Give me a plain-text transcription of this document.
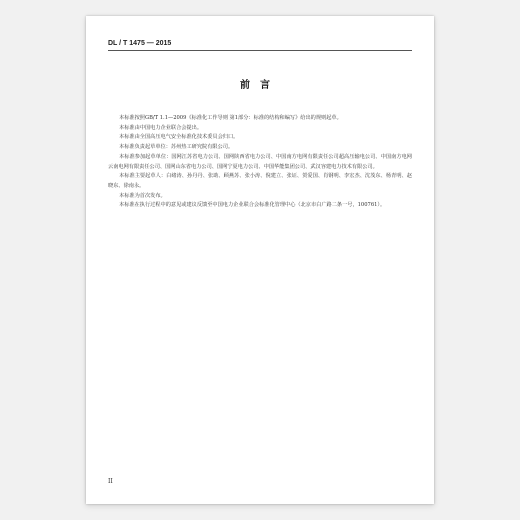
DL / T 1475 — 2015
前言

本标准按照GB/T 1.1—2009《标准化工作导则 第1部分：标准的结构和编写》给出的规则起草。

本标准由中国电力企业联合会提出。

本标准由全国高压电气安全标准化技术委员会归口。

本标准负责起草单位：苏州热工研究院有限公司。

本标准参加起草单位：国网江苏省电力公司、国网陕西省电力公司、中国南方电网有限责任公司超高压输电公司、中国南方电网云南电网有限责任公司、国网山东省电力公司、国网宁夏电力公司、中国华能集团公司、武汉容建电力技术有限公司。

本标准主要起草人：白绪涛、孙丹丹、张助、顾燕苏、张小涛、倪建立、张证、贺爱国、肖钢明、李宏杰、沈茂东、杨青明、赵晓东、徐南永。

本标准为首次发布。

本标准在执行过程中的意见或建议反馈至中国电力企业联合会标准化管理中心（北京市白广路二条一号，100761）。

II
